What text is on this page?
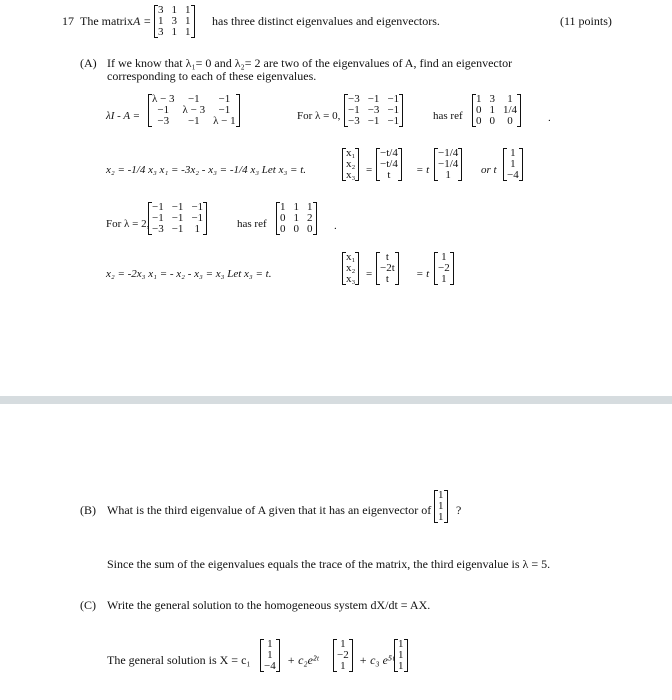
17 The matrix A =
3	1	1
1	3	1
3	1	1
has three distinct eigenvalues and eigenvectors.	(11 points)
(A) If we know that λ₁= 0 and λ₂= 2 are two of the eigenvalues of A, find an eigenvector
corresponding to each of these eigenvalues.
λI - A =
λ − 3	−1	−1
−1	λ − 3	−1
−3	−1	λ − 1	For λ = 0,
−3	−1	−1
−1	−3	−1
−3	−1	−1	has ref
1	3	1
0	1	1/4
0	0	0	.
x₂ = -1/4 x₃ x₁ = -3x₂ - x₃ = -1/4 x₃ Let x₃ = t.
x₁
x₂
x₃ =
−t/4
−t/4
t = t
−1/4
−1/4
1	or t
1
1
−4
For λ = 2,
−1	−1	−1
−1	−1	−1
−3	−1	1	has ref
1	1	1
0	1	2
0	0	0 .
x₂ = -2x₃ x₁ = - x₂ - x₃ = x₃ Let x₃ = t.
x₁
x₂
x₃ =
t
−2t
t = t
1
−2
1
(B) What is the third eigenvalue of A given that it has an eigenvector of
1
1
1 ?
Since the sum of the eigenvalues equals the trace of the matrix, the third eigenvalue is λ = 5.
(C) Write the general solution to the homogeneous system dX/dt = AX.
The general solution is X = c₁
1
1
−4 + c₂e²ᵗ
1
−2
1 + c₃ e⁵ᵗ
1
1
1
